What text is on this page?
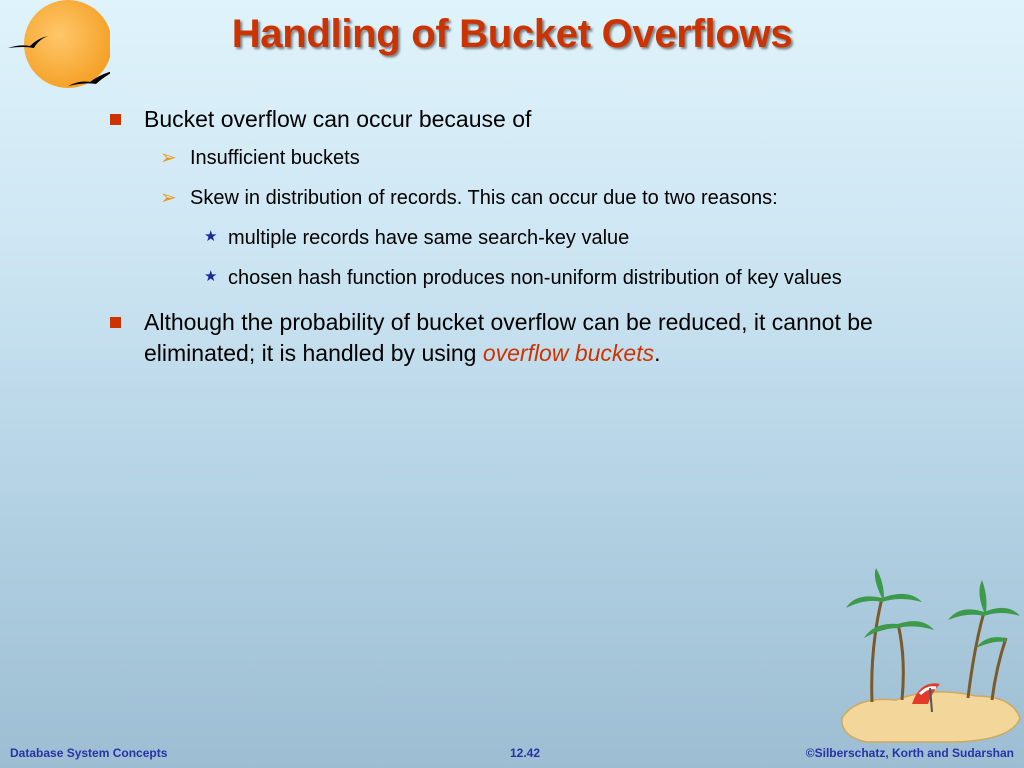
Handling of Bucket Overflows
Bucket overflow can occur because of
➢ Insufficient buckets
➢ Skew in distribution of records. This can occur due to two reasons:
★ multiple records have same search-key value
★ chosen hash function produces non-uniform distribution of key values
Although the probability of bucket overflow can be reduced, it cannot be eliminated; it is handled by using overflow buckets.
Database System Concepts	12.42	©Silberschatz, Korth and Sudarshan
